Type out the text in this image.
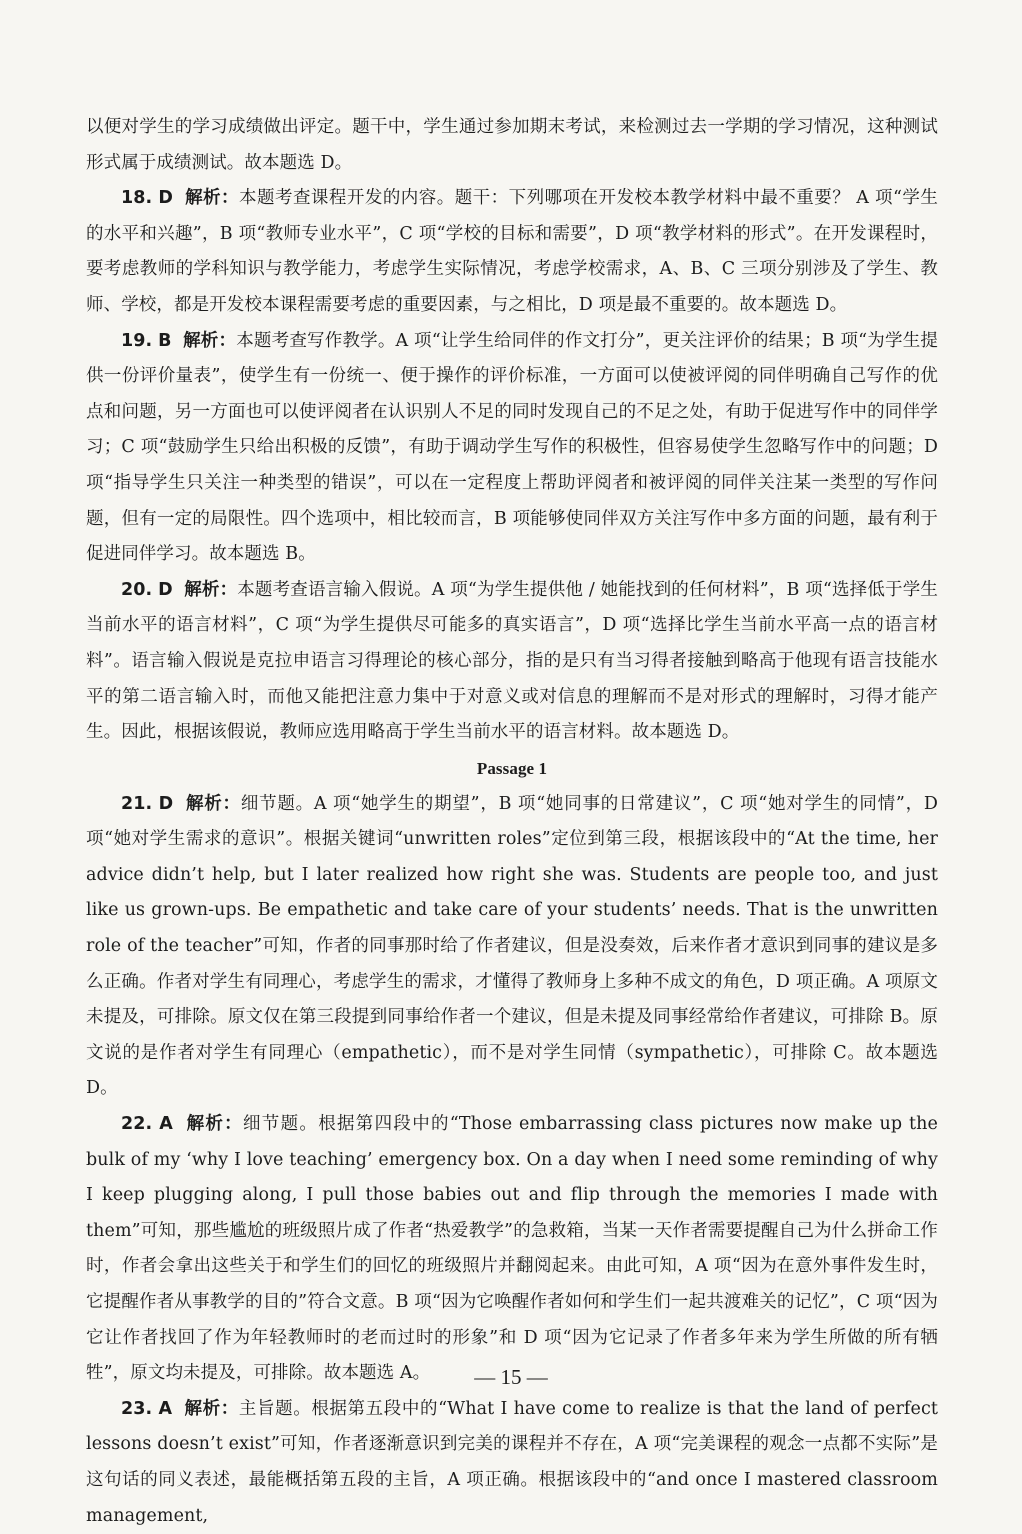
以便对学生的学习成绩做出评定。题干中，学生通过参加期末考试，来检测过去一学期的学习情况，这种测试形式属于成绩测试。故本题选 D。

18. D 解析：本题考查课程开发的内容。题干：下列哪项在开发校本教学材料中最不重要？ A 项“学生的水平和兴趣”，B 项“教师专业水平”，C 项“学校的目标和需要”，D 项“教学材料的形式”。在开发课程时，要考虑教师的学科知识与教学能力，考虑学生实际情况，考虑学校需求，A、B、C 三项分别涉及了学生、教师、学校，都是开发校本课程需要考虑的重要因素，与之相比，D 项是最不重要的。故本题选 D。

19. B 解析：本题考查写作教学。A 项“让学生给同伴的作文打分”，更关注评价的结果；B 项“为学生提供一份评价量表”，使学生有一份统一、便于操作的评价标准，一方面可以使被评阅的同伴明确自己写作的优点和问题，另一方面也可以使评阅者在认识别人不足的同时发现自己的不足之处，有助于促进写作中的同伴学习；C 项“鼓励学生只给出积极的反馈”，有助于调动学生写作的积极性，但容易使学生忽略写作中的问题；D 项“指导学生只关注一种类型的错误”，可以在一定程度上帮助评阅者和被评阅的同伴关注某一类型的写作问题，但有一定的局限性。四个选项中，相比较而言，B 项能够使同伴双方关注写作中多方面的问题，最有利于促进同伴学习。故本题选 B。

20. D 解析：本题考查语言输入假说。A 项“为学生提供他 / 她能找到的任何材料”，B 项“选择低于学生当前水平的语言材料”，C 项“为学生提供尽可能多的真实语言”，D 项“选择比学生当前水平高一点的语言材料”。语言输入假说是克拉申语言习得理论的核心部分，指的是只有当习得者接触到略高于他现有语言技能水平的第二语言输入时，而他又能把注意力集中于对意义或对信息的理解而不是对形式的理解时，习得才能产生。因此，根据该假说，教师应选用略高于学生当前水平的语言材料。故本题选 D。

Passage 1

21. D 解析：细节题。A 项“她学生的期望”，B 项“她同事的日常建议”，C 项“她对学生的同情”，D 项“她对学生需求的意识”。根据关键词“unwritten roles”定位到第三段，根据该段中的“At the time, her advice didn’t help, but I later realized how right she was. Students are people too, and just like us grown-ups. Be empathetic and take care of your students’ needs. That is the unwritten role of the teacher”可知，作者的同事那时给了作者建议，但是没奏效，后来作者才意识到同事的建议是多么正确。作者对学生有同理心，考虑学生的需求，才懂得了教师身上多种不成文的角色，D 项正确。A 项原文未提及，可排除。原文仅在第三段提到同事给作者一个建议，但是未提及同事经常给作者建议，可排除 B。原文说的是作者对学生有同理心（empathetic），而不是对学生同情（sympathetic），可排除 C。故本题选 D。

22. A 解析：细节题。根据第四段中的“Those embarrassing class pictures now make up the bulk of my ‘why I love teaching’ emergency box. On a day when I need some reminding of why I keep plugging along, I pull those babies out and flip through the memories I made with them”可知，那些尴尬的班级照片成了作者“热爱教学”的急救箱，当某一天作者需要提醒自己为什么拼命工作时，作者会拿出这些关于和学生们的回忆的班级照片并翻阅起来。由此可知，A 项“因为在意外事件发生时，它提醒作者从事教学的目的”符合文意。B 项“因为它唤醒作者如何和学生们一起共渡难关的记忆”，C 项“因为它让作者找回了作为年轻教师时的老而过时的形象”和 D 项“因为它记录了作者多年来为学生所做的所有牺牲”，原文均未提及，可排除。故本题选 A。

23. A 解析：主旨题。根据第五段中的“What I have come to realize is that the land of perfect lessons doesn’t exist”可知，作者逐渐意识到完美的课程并不存在，A 项“完美课程的观念一点都不实际”是这句话的同义表述，最能概括第五段的主旨，A 项正确。根据该段中的“and once I mastered classroom management,

— 15 —
